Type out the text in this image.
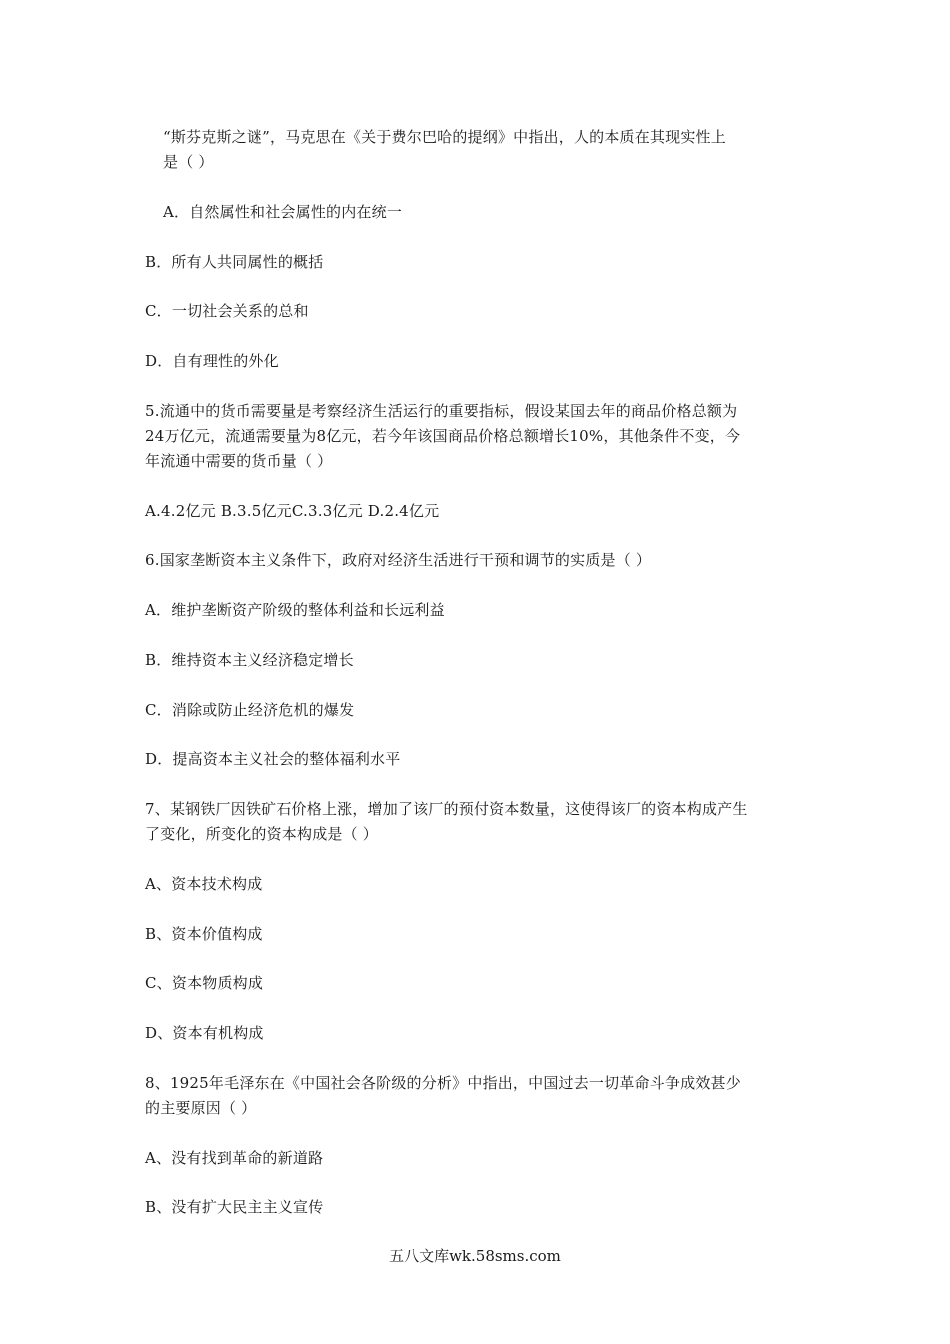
“斯芬克斯之谜”，马克思在《关于费尔巴哈的提纲》中指出，人的本质在其现实性上
是（ ）
A．自然属性和社会属性的内在统一
B．所有人共同属性的概括
C．一切社会关系的总和
D．自有理性的外化
5.流通中的货币需要量是考察经济生活运行的重要指标，假设某国去年的商品价格总额为
24万亿元，流通需要量为8亿元，若今年该国商品价格总额增长10%，其他条件不变，今
年流通中需要的货币量（ ）
A.4.2亿元 B.3.5亿元C.3.3亿元 D.2.4亿元
6.国家垄断资本主义条件下，政府对经济生活进行干预和调节的实质是（ ）
A．维护垄断资产阶级的整体利益和长远利益
B．维持资本主义经济稳定增长
C．消除或防止经济危机的爆发
D．提高资本主义社会的整体福利水平
7、某钢铁厂因铁矿石价格上涨，增加了该厂的预付资本数量，这使得该厂的资本构成产生
了变化，所变化的资本构成是（ ）
A、资本技术构成
B、资本价值构成
C、资本物质构成
D、资本有机构成
8、1925年毛泽东在《中国社会各阶级的分析》中指出，中国过去一切革命斗争成效甚少
的主要原因（ ）
A、没有找到革命的新道路
B、没有扩大民主主义宣传
五八文库wk.58sms.com
